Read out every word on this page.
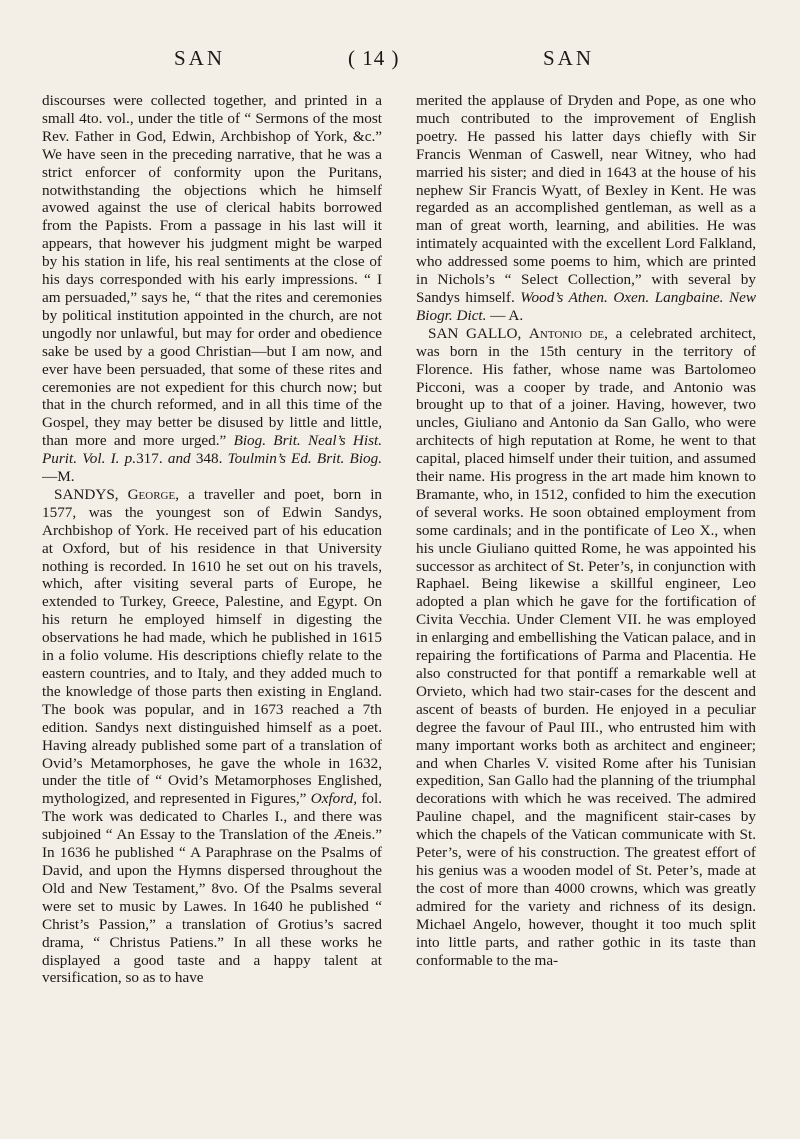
SAN	( 14 )	SAN

discourses were collected together, and printed in a small 4to. vol., under the title of “ Sermons of the most Rev. Father in God, Edwin, Archbishop of York, &c.” We have seen in the preceding narrative, that he was a strict enforcer of conformity upon the Puritans, notwithstanding the objections which he himself avowed against the use of clerical habits borrowed from the Papists. From a passage in his last will it appears, that however his judgment might be warped by his station in life, his real sentiments at the close of his days corresponded with his early impressions. “ I am persuaded,” says he, “ that the rites and ceremonies by political institution appointed in the church, are not ungodly nor unlawful, but may for order and obedience sake be used by a good Christian—but I am now, and ever have been persuaded, that some of these rites and ceremonies are not expedient for this church now; but that in the church reformed, and in all this time of the Gospel, they may better be disused by little and little, than more and more urged.” Biog. Brit. Neal’s Hist. Purit. Vol. I. p.317. and 348. Toulmin’s Ed. Brit. Biog.—M.

SANDYS, George, a traveller and poet, born in 1577, was the youngest son of Edwin Sandys, Archbishop of York. He received part of his education at Oxford, but of his residence in that University nothing is recorded. In 1610 he set out on his travels, which, after visiting several parts of Europe, he extended to Turkey, Greece, Palestine, and Egypt. On his return he employed himself in digesting the observations he had made, which he published in 1615 in a folio volume. His descriptions chiefly relate to the eastern countries, and to Italy, and they added much to the knowledge of those parts then existing in England. The book was popular, and in 1673 reached a 7th edition. Sandys next distinguished himself as a poet. Having already published some part of a translation of Ovid’s Metamorphoses, he gave the whole in 1632, under the title of “ Ovid’s Metamorphoses Englished, mythologized, and represented in Figures,” Oxford, fol. The work was dedicated to Charles I., and there was subjoined “ An Essay to the Translation of the Æneis.” In 1636 he published “ A Paraphrase on the Psalms of David, and upon the Hymns dispersed throughout the Old and New Testament,” 8vo. Of the Psalms several were set to music by Lawes. In 1640 he published “ Christ’s Passion,” a translation of Grotius’s sacred drama, “ Christus Patiens.” In all these works he displayed a good taste and a happy talent at versification, so as to have

merited the applause of Dryden and Pope, as one who much contributed to the improvement of English poetry. He passed his latter days chiefly with Sir Francis Wenman of Caswell, near Witney, who had married his sister; and died in 1643 at the house of his nephew Sir Francis Wyatt, of Bexley in Kent. He was regarded as an accomplished gentleman, as well as a man of great worth, learning, and abilities. He was intimately acquainted with the excellent Lord Falkland, who addressed some poems to him, which are printed in Nichols’s “ Select Collection,” with several by Sandys himself. Wood’s Athen. Oxen. Langbaine. New Biogr. Dict. — A.

SAN GALLO, Antonio de, a celebrated architect, was born in the 15th century in the territory of Florence. His father, whose name was Bartolomeo Picconi, was a cooper by trade, and Antonio was brought up to that of a joiner. Having, however, two uncles, Giuliano and Antonio da San Gallo, who were architects of high reputation at Rome, he went to that capital, placed himself under their tuition, and assumed their name. His progress in the art made him known to Bramante, who, in 1512, confided to him the execution of several works. He soon obtained employment from some cardinals; and in the pontificate of Leo X., when his uncle Giuliano quitted Rome, he was appointed his successor as architect of St. Peter’s, in conjunction with Raphael. Being likewise a skillful engineer, Leo adopted a plan which he gave for the fortification of Civita Vecchia. Under Clement VII. he was employed in enlarging and embellishing the Vatican palace, and in repairing the fortifications of Parma and Placentia. He also constructed for that pontiff a remarkable well at Orvieto, which had two stair-cases for the descent and ascent of beasts of burden. He enjoyed in a peculiar degree the favour of Paul III., who entrusted him with many important works both as architect and engineer; and when Charles V. visited Rome after his Tunisian expedition, San Gallo had the planning of the triumphal decorations with which he was received. The admired Pauline chapel, and the magnificent stair-cases by which the chapels of the Vatican communicate with St. Peter’s, were of his construction. The greatest effort of his genius was a wooden model of St. Peter’s, made at the cost of more than 4000 crowns, which was greatly admired for the variety and richness of its design. Michael Angelo, however, thought it too much split into little parts, and rather gothic in its taste than conformable to the ma-
